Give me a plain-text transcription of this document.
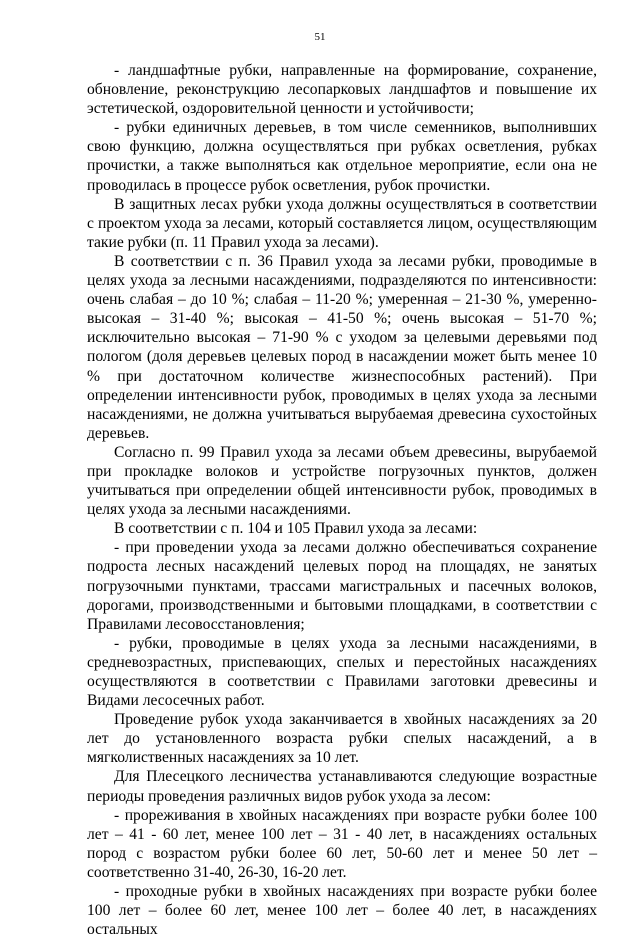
51

- ландшафтные рубки, направленные на формирование, сохранение, обновление, реконструкцию лесопарковых ландшафтов и повышение их эстетической, оздоровительной ценности и устойчивости;

- рубки единичных деревьев, в том числе семенников, выполнивших свою функцию, должна осуществляться при рубках осветления, рубках прочистки, а также выполняться как отдельное мероприятие, если она не проводилась в процессе рубок осветления, рубок прочистки.

В защитных лесах рубки ухода должны осуществляться в соответствии с проектом ухода за лесами, который составляется лицом, осуществляющим такие рубки (п. 11 Правил ухода за лесами).

В соответствии с п. 36 Правил ухода за лесами рубки, проводимые в целях ухода за лесными насаждениями, подразделяются по интенсивности: очень слабая – до 10 %; слабая – 11-20 %; умеренная – 21-30 %, умеренно-высокая – 31-40 %; высокая – 41-50 %; очень высокая – 51-70 %; исключительно высокая – 71-90 % с уходом за целевыми деревьями под пологом (доля деревьев целевых пород в насаждении может быть менее 10 % при достаточном количестве жизнеспособных растений). При определении интенсивности рубок, проводимых в целях ухода за лесными насаждениями, не должна учитываться вырубаемая древесина сухостойных деревьев.

Согласно п. 99 Правил ухода за лесами объем древесины, вырубаемой при прокладке волоков и устройстве погрузочных пунктов, должен учитываться при определении общей интенсивности рубок, проводимых в целях ухода за лесными насаждениями.

В соответствии с п. 104 и 105 Правил ухода за лесами:

- при проведении ухода за лесами должно обеспечиваться сохранение подроста лесных насаждений целевых пород на площадях, не занятых погрузочными пунктами, трассами магистральных и пасечных волоков, дорогами, производственными и бытовыми площадками, в соответствии с Правилами лесовосстановления;

- рубки, проводимые в целях ухода за лесными насаждениями, в средневозрастных, приспевающих, спелых и перестойных насаждениях осуществляются в соответствии с Правилами заготовки древесины и Видами лесосечных работ.

Проведение рубок ухода заканчивается в хвойных насаждениях за 20 лет до установленного возраста рубки спелых насаждений, а в мягколиственных насаждениях за 10 лет.

Для Плесецкого лесничества устанавливаются следующие возрастные периоды проведения различных видов рубок ухода за лесом:

- прореживания в хвойных насаждениях при возрасте рубки более 100 лет – 41 - 60 лет, менее 100 лет – 31 - 40 лет, в насаждениях остальных пород с возрастом рубки более 60 лет, 50-60 лет и менее 50 лет – соответственно 31-40, 26-30, 16-20 лет.

- проходные рубки в хвойных насаждениях при возрасте рубки более 100 лет – более 60 лет, менее 100 лет – более 40 лет, в насаждениях остальных
